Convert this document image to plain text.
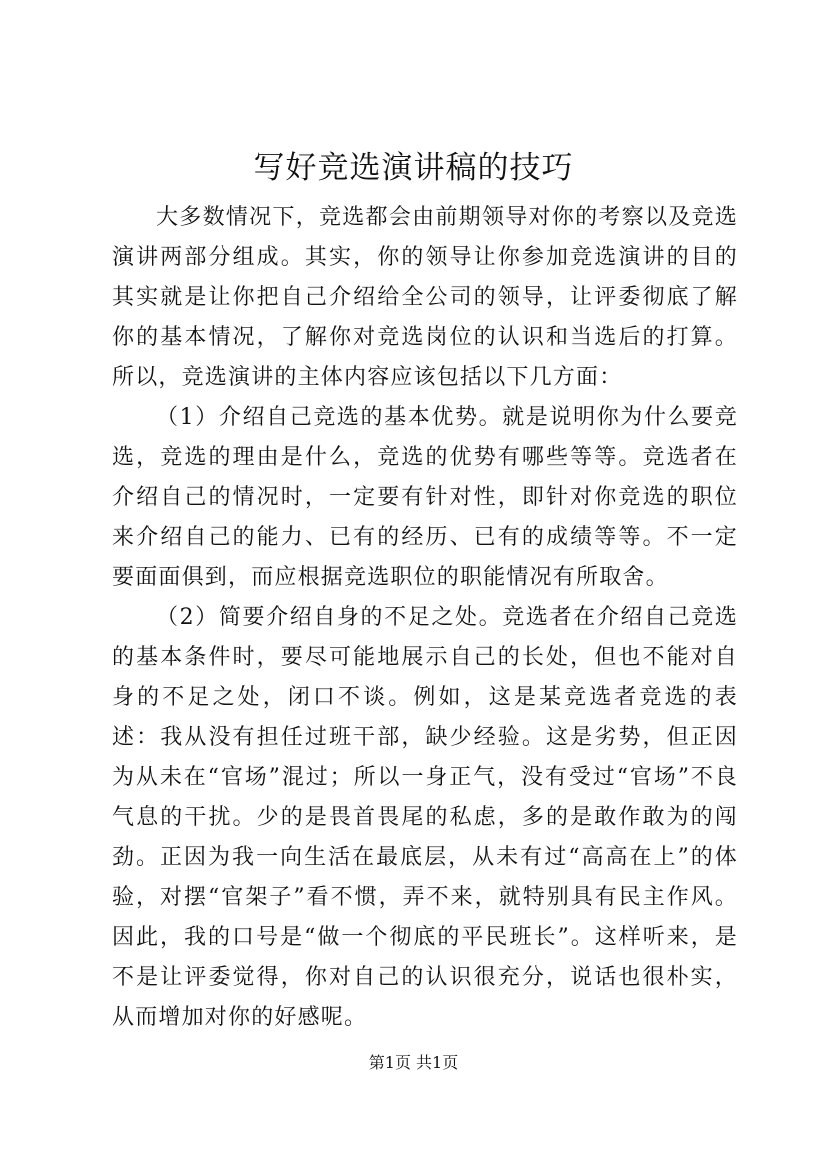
写好竞选演讲稿的技巧

大多数情况下，竞选都会由前期领导对你的考察以及竞选演讲两部分组成。其实，你的领导让你参加竞选演讲的目的其实就是让你把自己介绍给全公司的领导，让评委彻底了解你的基本情况，了解你对竞选岗位的认识和当选后的打算。所以，竞选演讲的主体内容应该包括以下几方面：

（1）介绍自己竞选的基本优势。就是说明你为什么要竞选，竞选的理由是什么，竞选的优势有哪些等等。竞选者在介绍自己的情况时，一定要有针对性，即针对你竞选的职位来介绍自己的能力、已有的经历、已有的成绩等等。不一定要面面俱到，而应根据竞选职位的职能情况有所取舍。

（2）简要介绍自身的不足之处。竞选者在介绍自己竞选的基本条件时，要尽可能地展示自己的长处，但也不能对自身的不足之处，闭口不谈。例如，这是某竞选者竞选的表述：我从没有担任过班干部，缺少经验。这是劣势，但正因为从未在“官场”混过；所以一身正气，没有受过“官场”不良气息的干扰。少的是畏首畏尾的私虑，多的是敢作敢为的闯劲。正因为我一向生活在最底层，从未有过“高高在上”的体验，对摆“官架子”看不惯，弄不来，就特别具有民主作风。因此，我的口号是“做一个彻底的平民班长”。这样听来，是不是让评委觉得，你对自己的认识很充分，说话也很朴实，从而增加对你的好感呢。

第1页 共1页
